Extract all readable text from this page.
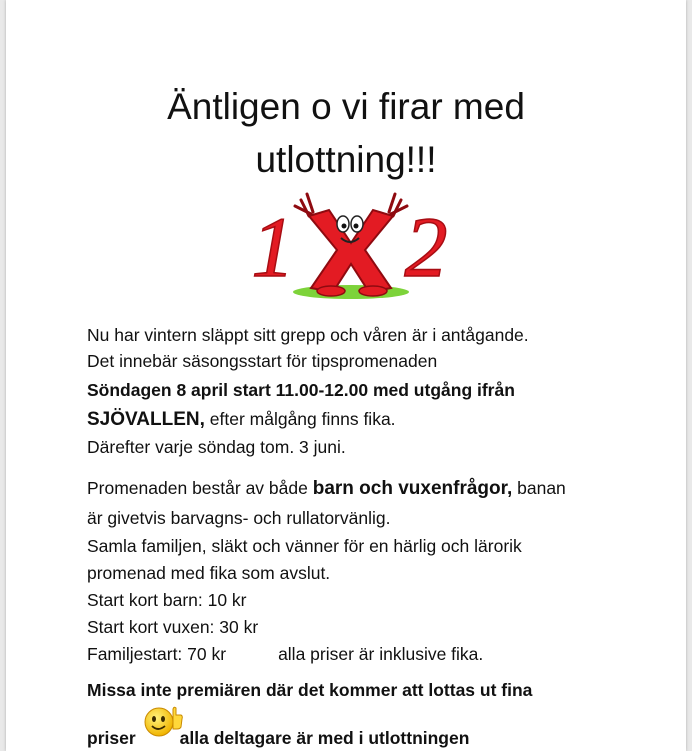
Äntligen o vi firar med
utlottning!!!
1 2
Nu har vintern släppt sitt grepp och våren är i antågande.
Det innebär säsongsstart för tipspromenaden
Söndagen 8 april start 11.00-12.00 med utgång ifrån
SJÖVALLEN, efter målgång finns fika.
Därefter varje söndag tom. 3 juni.
Promenaden består av både barn och vuxenfrågor, banan
är givetvis barvagns- och rullatorvänlig.
Samla familjen, släkt och vänner för en härlig och lärorik
promenad med fika som avslut.
Start kort barn: 10 kr
Start kort vuxen: 30 kr
Familjestart: 70 kr	alla priser är inklusive fika.
Missa inte premiären där det kommer att lottas ut fina
priser	alla deltagare är med i utlottningen
